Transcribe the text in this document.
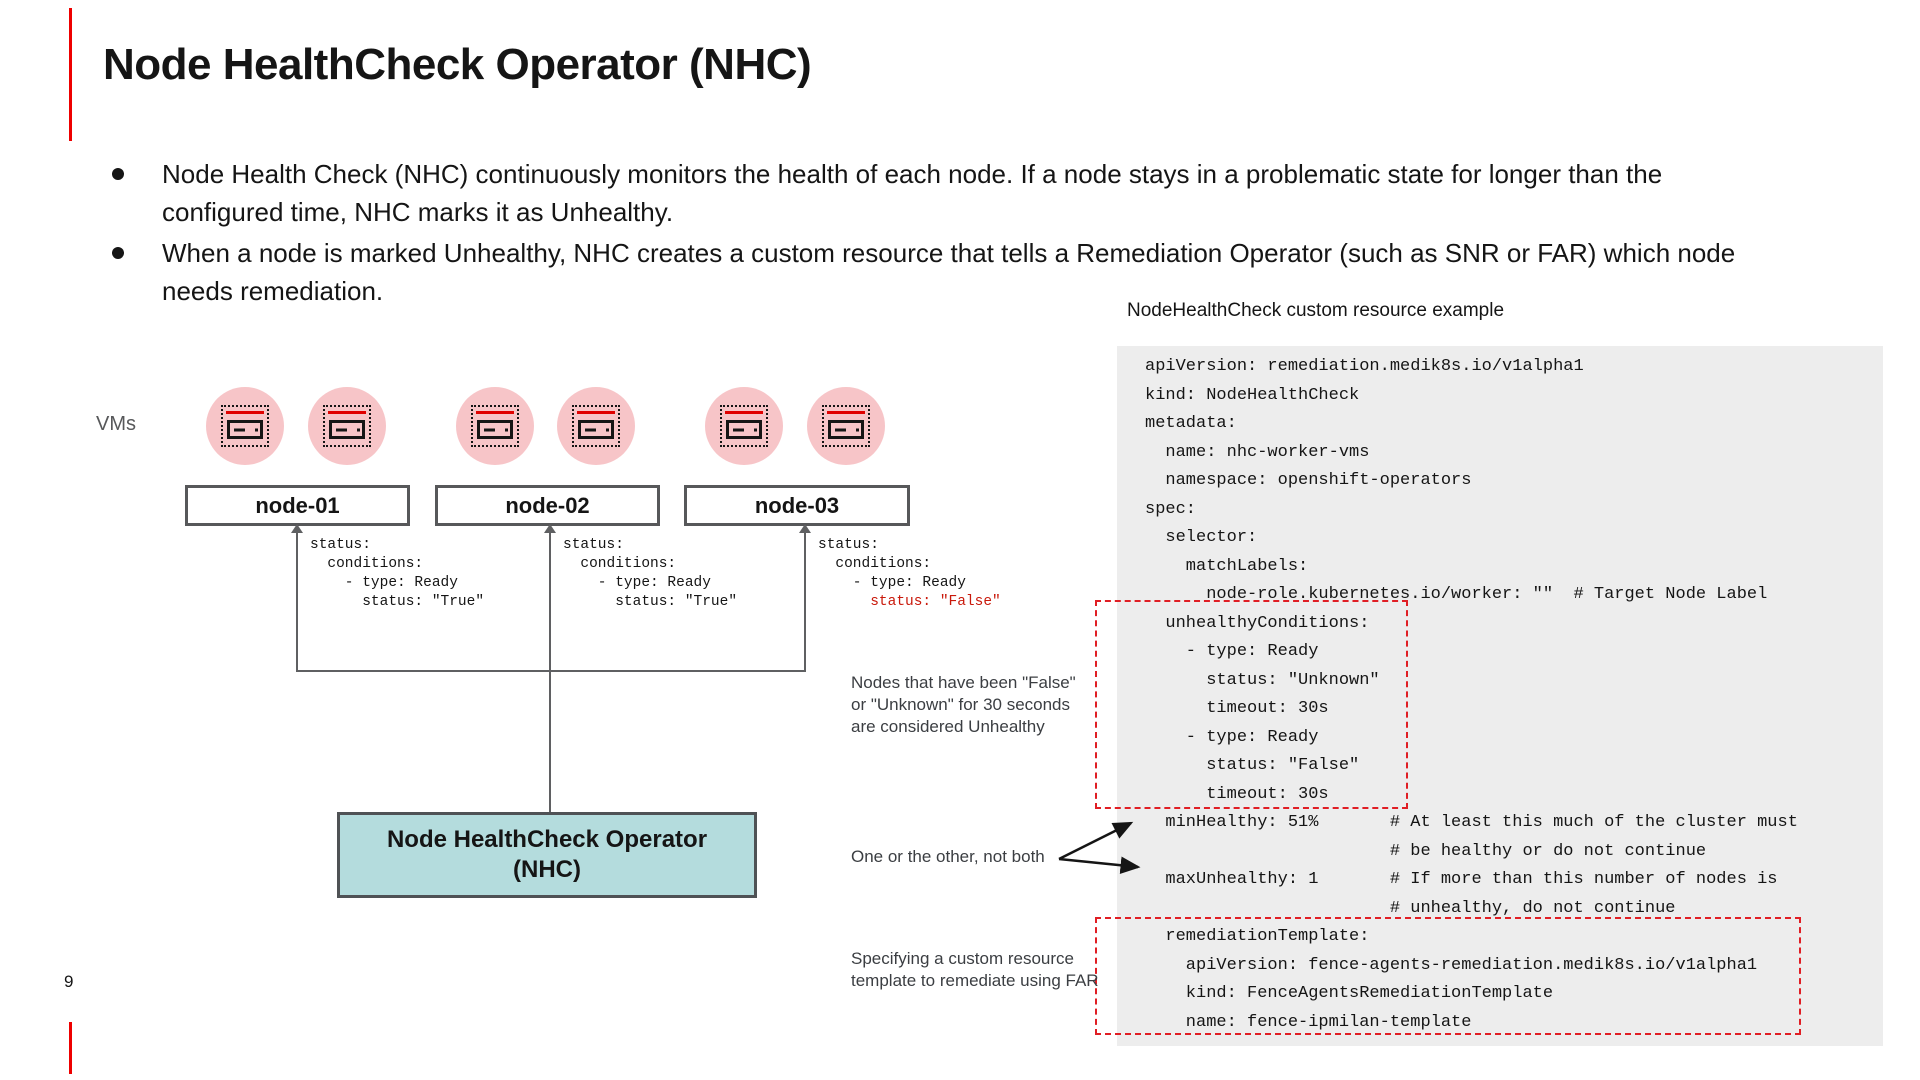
Node HealthCheck Operator (NHC)
Node Health Check (NHC) continuously monitors the health of each node. If a node stays in a problematic state for longer than the configured time, NHC marks it as Unhealthy.
When a node is marked Unhealthy, NHC creates a custom resource that tells a Remediation Operator (such as SNR or FAR) which node needs remediation.
VMs
node-01	node-02	node-03
status:
conditions:
- type: Ready
status: "True"
status:
conditions:
- type: Ready
status: "True"
status:
conditions:
- type: Ready
status: "False"
Node HealthCheck Operator
(NHC)
NodeHealthCheck custom resource example
apiVersion: remediation.medik8s.io/v1alpha1
kind: NodeHealthCheck
metadata:
name: nhc-worker-vms
namespace: openshift-operators
spec:
selector:
matchLabels:
node-role.kubernetes.io/worker: ""  # Target Node Label
unhealthyConditions:
- type: Ready
status: "Unknown"
timeout: 30s
- type: Ready
status: "False"
timeout: 30s
minHealthy: 51%       # At least this much of the cluster must
# be healthy or do not continue
maxUnhealthy: 1       # If more than this number of nodes is
# unhealthy, do not continue
remediationTemplate:
apiVersion: fence-agents-remediation.medik8s.io/v1alpha1
kind: FenceAgentsRemediationTemplate
name: fence-ipmilan-template
Nodes that have been "False" or "Unknown" for 30 seconds are considered Unhealthy
One or the other, not both
Specifying a custom resource template to remediate using FAR
9
